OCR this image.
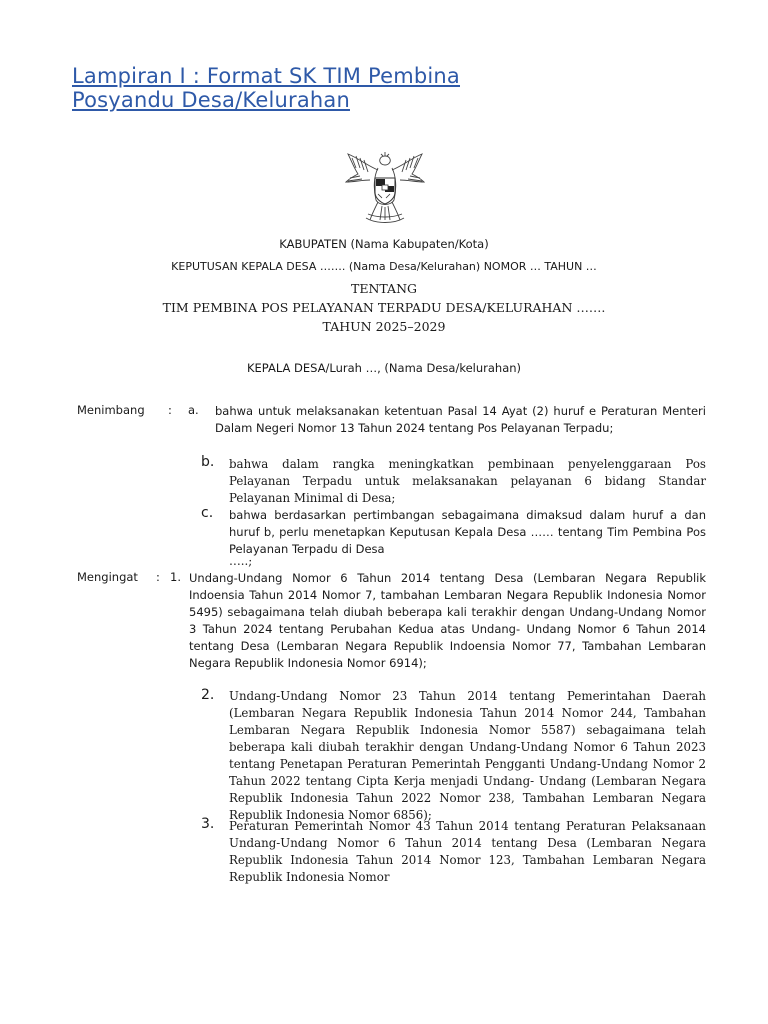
Lampiran I : Format SK TIM Pembina
Posyandu Desa/Kelurahan
KABUPATEN (Nama Kabupaten/Kota)
KEPUTUSAN KEPALA DESA ……. (Nama Desa/Kelurahan) NOMOR … TAHUN …
TENTANG
TIM PEMBINA POS PELAYANAN TERPADU DESA/KELURAHAN …….
TAHUN 2025–2029
KEPALA DESA/Lurah …, (Nama Desa/kelurahan)
Menimbang : a. bahwa untuk melaksanakan ketentuan Pasal 14 Ayat (2) huruf e Peraturan Menteri Dalam Negeri Nomor 13 Tahun 2024 tentang Pos Pelayanan Terpadu;
b. bahwa dalam rangka meningkatkan pembinaan penyelenggaraan Pos Pelayanan Terpadu untuk melaksanakan pelayanan 6 bidang Standar Pelayanan Minimal di Desa;
c. bahwa berdasarkan pertimbangan sebagaimana dimaksud dalam huruf a dan huruf b, perlu menetapkan Keputusan Kepala Desa …… tentang Tim Pembina Pos Pelayanan Terpadu di Desa
…..;
Mengingat : 1. Undang-Undang Nomor 6 Tahun 2014 tentang Desa (Lembaran Negara Republik Indoensia Tahun 2014 Nomor 7, tambahan Lembaran Negara Republik Indonesia Nomor 5495) sebagaimana telah diubah beberapa kali terakhir dengan Undang-Undang Nomor 3 Tahun 2024 tentang Perubahan Kedua atas Undang- Undang Nomor 6 Tahun 2014 tentang Desa (Lembaran Negara Republik Indoensia Nomor 77, Tambahan Lembaran Negara Republik Indonesia Nomor 6914);
2. Undang-Undang Nomor 23 Tahun 2014 tentang Pemerintahan Daerah (Lembaran Negara Republik Indonesia Tahun 2014 Nomor 244, Tambahan Lembaran Negara Republik Indonesia Nomor 5587) sebagaimana telah beberapa kali diubah terakhir dengan Undang-Undang Nomor 6 Tahun 2023 tentang Penetapan Peraturan Pemerintah Pengganti Undang-Undang Nomor 2 Tahun 2022 tentang Cipta Kerja menjadi Undang- Undang (Lembaran Negara Republik Indonesia Tahun 2022 Nomor 238, Tambahan Lembaran Negara Republik Indonesia Nomor 6856);
3. Peraturan Pemerintah Nomor 43 Tahun 2014 tentang Peraturan Pelaksanaan Undang-Undang Nomor 6 Tahun 2014 tentang Desa (Lembaran Negara Republik Indonesia Tahun 2014 Nomor 123, Tambahan Lembaran Negara Republik Indonesia Nomor
